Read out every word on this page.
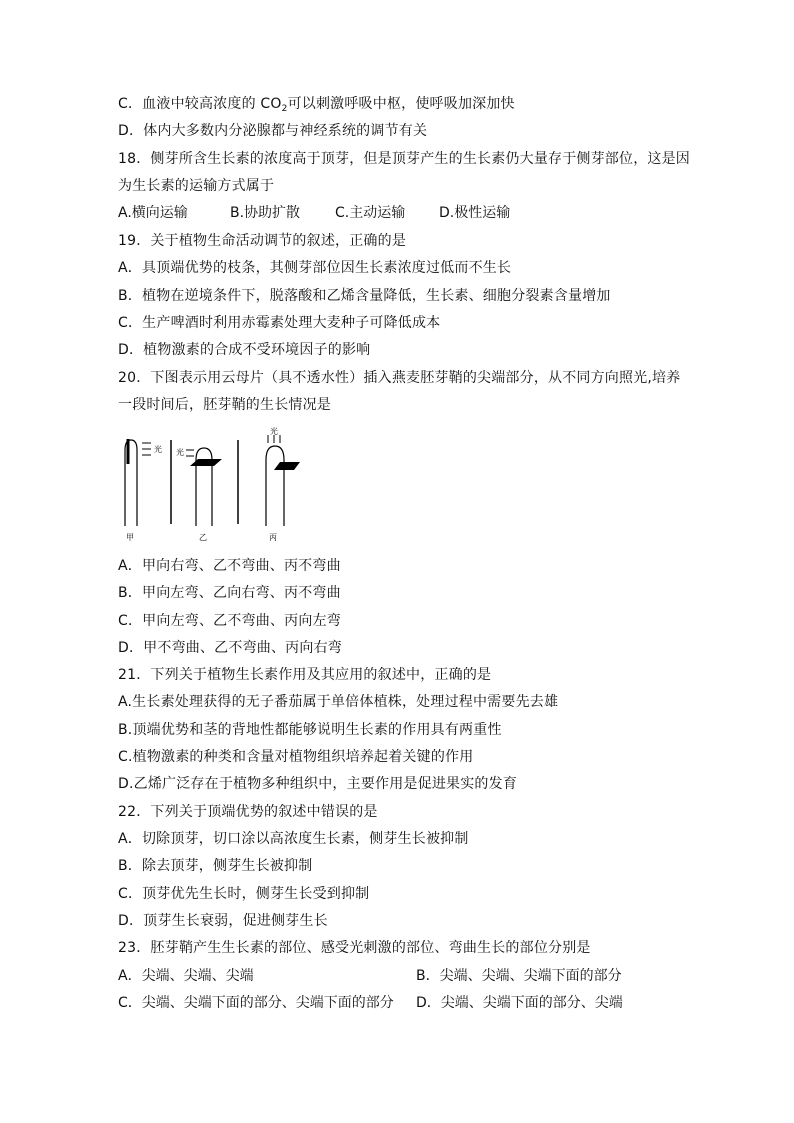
C．血液中较高浓度的 $CO_2$可以刺激呼吸中枢，使呼吸加深加快
D．体内大多数内分泌腺都与神经系统的调节有关
18．侧芽所含生长素的浓度高于顶芽，但是顶芽产生的生长素仍大量存于侧芽部位，这是因
为生长素的运输方式属于
A.横向运输	B.协助扩散 C.主动运输 D.极性运输
19．关于植物生命活动调节的叙述，正确的是
A．具顶端优势的枝条，其侧芽部位因生长素浓度过低而不生长
B．植物在逆境条件下，脱落酸和乙烯含量降低，生长素、细胞分裂素含量增加
C．生产啤酒时利用赤霉素处理大麦种子可降低成本
D．植物激素的合成不受环境因子的影响
20．下图表示用云母片（具不透水性）插入燕麦胚芽鞘的尖端部分，从不同方向照光,培养
一段时间后，胚芽鞘的生长情况是
光
甲
光
乙
光
丙
A．甲向右弯、乙不弯曲、丙不弯曲
B．甲向左弯、乙向右弯、丙不弯曲
C．甲向左弯、乙不弯曲、丙向左弯
D．甲不弯曲、乙不弯曲、丙向右弯
21．下列关于植物生长素作用及其应用的叙述中，正确的是
A.生长素处理获得的无子番茄属于单倍体植株，处理过程中需要先去雄
B.顶端优势和茎的背地性都能够说明生长素的作用具有两重性
C.植物激素的种类和含量对植物组织培养起着关键的作用
D.乙烯广泛存在于植物多种组织中，主要作用是促进果实的发育
22．下列关于顶端优势的叙述中错误的是
A．切除顶芽，切口涂以高浓度生长素，侧芽生长被抑制
B．除去顶芽，侧芽生长被抑制
C．顶芽优先生长时，侧芽生长受到抑制
D．顶芽生长衰弱，促进侧芽生长
23．胚芽鞘产生生长素的部位、感受光刺激的部位、弯曲生长的部位分别是
A．尖端、尖端、尖端	B．尖端、尖端、尖端下面的部分
C．尖端、尖端下面的部分、尖端下面的部分 D．尖端、尖端下面的部分、尖端
